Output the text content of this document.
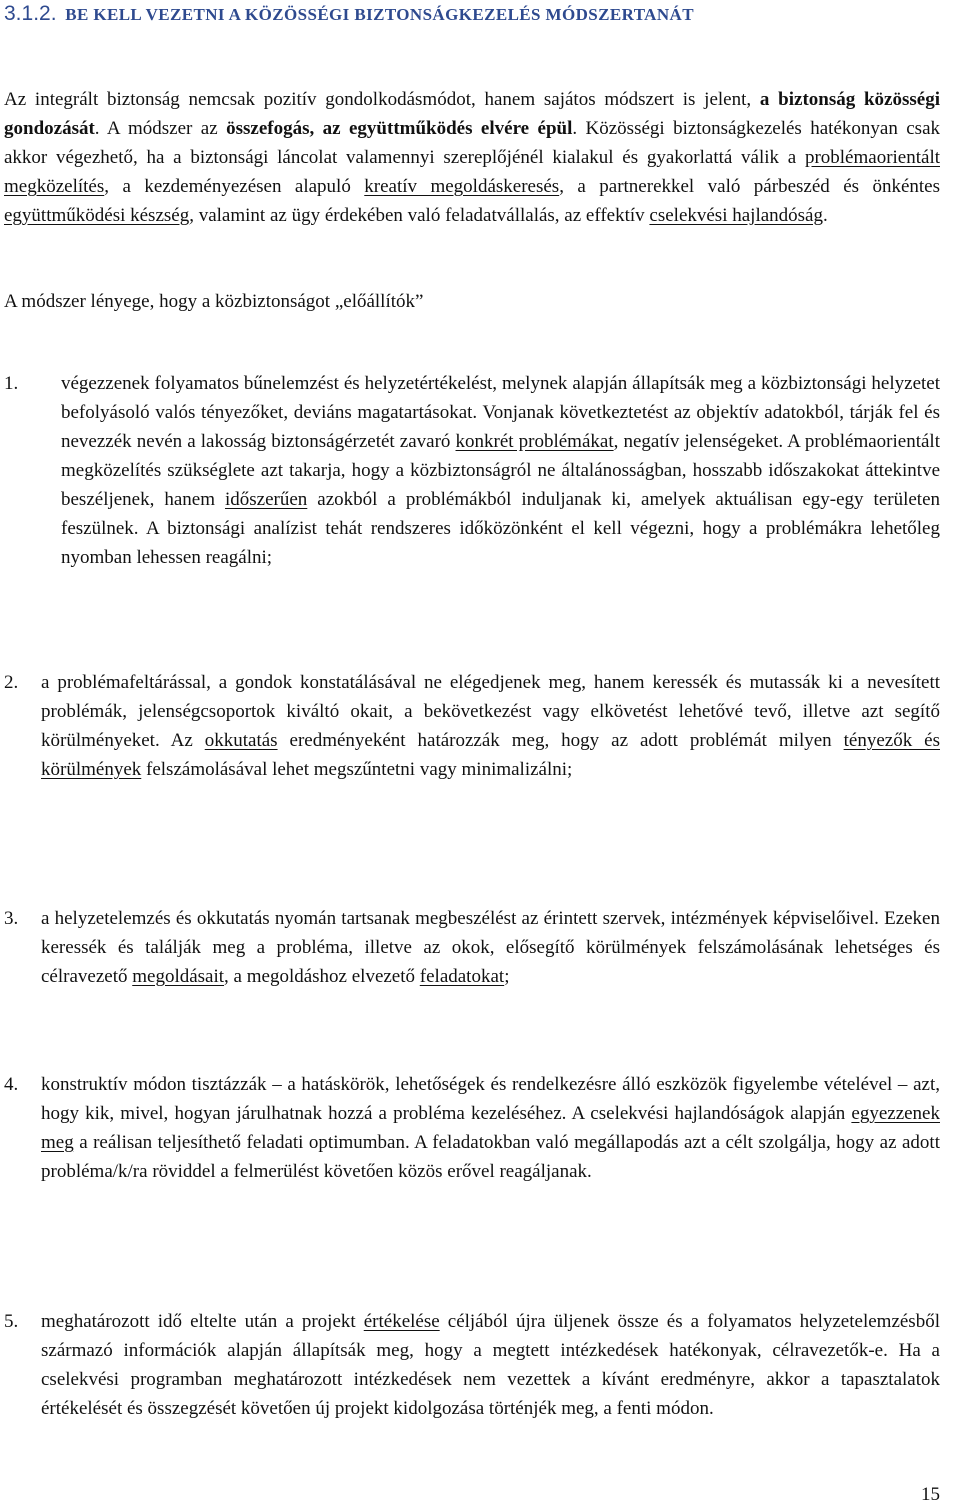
3.1.2. BE KELL VEZETNI A KÖZÖSSÉGI BIZTONSÁGKEZELÉS MÓDSZERTANÁT
Az integrált biztonság nemcsak pozitív gondolkodásmódot, hanem sajátos módszert is jelent, a biztonság közösségi gondozását. A módszer az összefogás, az együttműködés elvére épül. Közösségi biztonságkezelés hatékonyan csak akkor végezhető, ha a biztonsági láncolat valamennyi szereplőjénél kialakul és gyakorlattá válik a problémaorientált megközelítés, a kezdeményezésen alapuló kreatív megoldáskeresés, a partnerekkel való párbeszéd és önkéntes együttműködési készség, valamint az ügy érdekében való feladatvállalás, az effektív cselekvési hajlandóság.
A módszer lényege, hogy a közbiztonságot „előállítók”
1.	végezzenek folyamatos bűnelemzést és helyzetértékelést, melynek alapján állapítsák meg a közbiztonsági helyzetet befolyásoló valós tényezőket, deviáns magatartásokat. Vonjanak következtetést az objektív adatokból, tárják fel és nevezzék nevén a lakosság biztonságérzetét zavaró konkrét problémákat, negatív jelenségeket. A problémaorientált megközelítés szükséglete azt takarja, hogy a közbiztonságról ne általánosságban, hosszabb időszakokat áttekintve beszéljenek, hanem időszerűen azokból a problémákból induljanak ki, amelyek aktuálisan egy-egy területen feszülnek. A biztonsági analízist tehát rendszeres időközönként el kell végezni, hogy a problémákra lehetőleg nyomban lehessen reagálni;
2.	a problémafeltárással, a gondok konstatálásával ne elégedjenek meg, hanem keressék és mutassák ki a nevesített problémák, jelenségcsoportok kiváltó okait, a bekövetkezést vagy elkövetést lehetővé tevő, illetve azt segítő körülményeket. Az okkutatás eredményeként határozzák meg, hogy az adott problémát milyen tényezők és körülmények felszámolásával lehet megszűntetni vagy minimalizálni;
3.	a helyzetelemzés és okkutatás nyomán tartsanak megbeszélést az érintett szervek, intézmények képviselőivel. Ezeken keressék és találják meg a probléma, illetve az okok, elősegítő körülmények felszámolásának lehetséges és célravezető megoldásait, a megoldáshoz elvezető feladatokat;
4.	konstruktív módon tisztázzák – a hatáskörök, lehetőségek és rendelkezésre álló eszközök figyelembe vételével – azt, hogy kik, mivel, hogyan járulhatnak hozzá a probléma kezeléséhez. A cselekvési hajlandóságok alapján egyezzenek meg a reálisan teljesíthető feladati optimumban. A feladatokban való megállapodás azt a célt szolgálja, hogy az adott probléma/k/ra röviddel a felmerülést követően közös erővel reagáljanak.
5.	meghatározott idő eltelte után a projekt értékelése céljából újra üljenek össze és a folyamatos helyzetelemzésből származó információk alapján állapítsák meg, hogy a megtett intézkedések hatékonyak, célravezetők-e. Ha a cselekvési programban meghatározott intézkedések nem vezettek a kívánt eredményre, akkor a tapasztalatok értékelését és összegzését követően új projekt kidolgozása történjék meg, a fenti módon.
15
